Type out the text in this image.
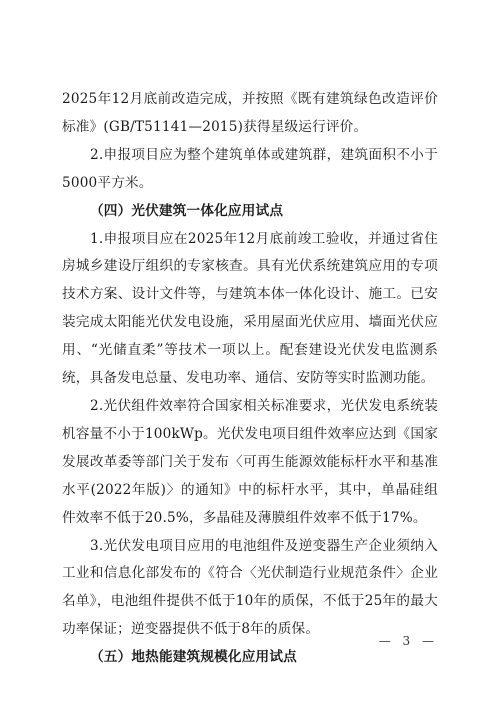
2025年12月底前改造完成，并按照《既有建筑绿色改造评价标准》(GB/T51141—2015)获得星级运行评价。

2.申报项目应为整个建筑单体或建筑群，建筑面积不小于5000平方米。

（四）光伏建筑一体化应用试点

1.申报项目应在2025年12月底前竣工验收，并通过省住房城乡建设厅组织的专家核查。具有光伏系统建筑应用的专项技术方案、设计文件等，与建筑本体一体化设计、施工。已安装完成太阳能光伏发电设施，采用屋面光伏应用、墙面光伏应用、“光储直柔”等技术一项以上。配套建设光伏发电监测系统，具备发电总量、发电功率、通信、安防等实时监测功能。

2.光伏组件效率符合国家相关标准要求，光伏发电系统装机容量不小于100kWp。光伏发电项目组件效率应达到《国家发展改革委等部门关于发布〈可再生能源效能标杆水平和基准水平(2022年版)〉的通知》中的标杆水平，其中，单晶硅组件效率不低于20.5%，多晶硅及薄膜组件效率不低于17%。

3.光伏发电项目应用的电池组件及逆变器生产企业须纳入工业和信息化部发布的《符合〈光伏制造行业规范条件〉企业名单》，电池组件提供不低于10年的质保，不低于25年的最大功率保证；逆变器提供不低于8年的质保。

（五）地热能建筑规模化应用试点

— 3 —
